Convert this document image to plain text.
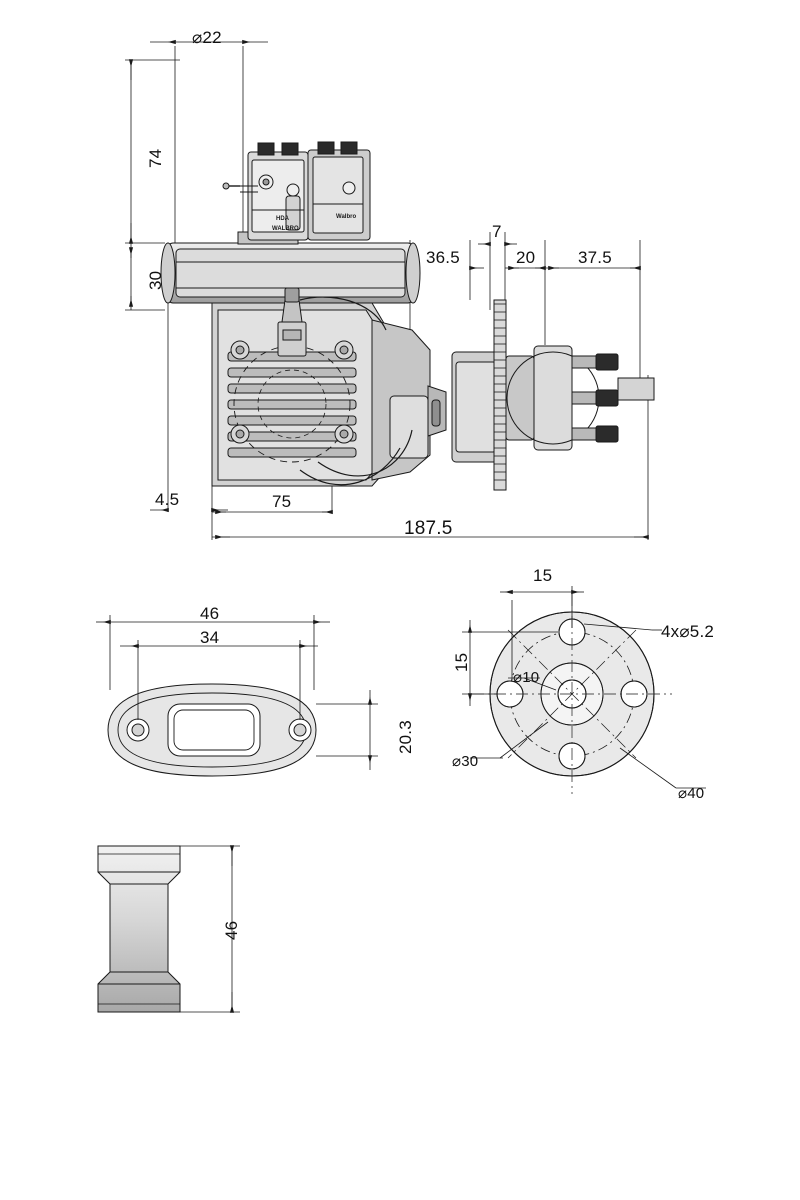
⌀22
74
30
36.5
7
20	37.5
4.5	75
187.5
WALBRO
HDA	Walbro
46
34
20.3
15
15
⌀10
⌀30
⌀40
4x⌀5.2
46
